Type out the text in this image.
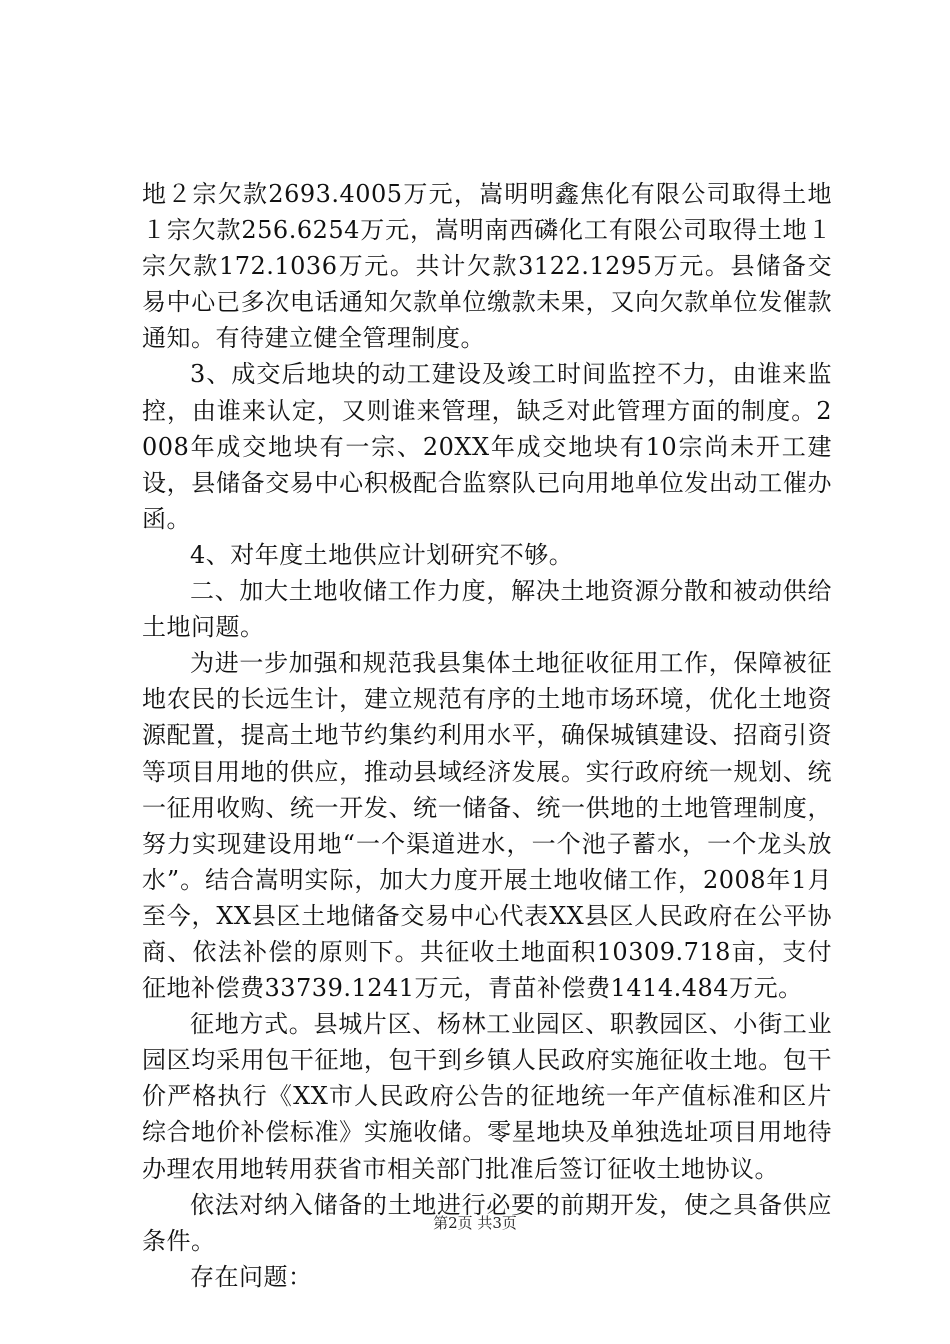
地２宗欠款2693.4005万元，嵩明明鑫焦化有限公司取得土地１宗欠款256.6254万元，嵩明南西磷化工有限公司取得土地１宗欠款172.1036万元。共计欠款3122.1295万元。县储备交易中心已多次电话通知欠款单位缴款未果，又向欠款单位发催款通知。有待建立健全管理制度。

3、成交后地块的动工建设及竣工时间监控不力，由谁来监控，由谁来认定，又则谁来管理，缺乏对此管理方面的制度。2008年成交地块有一宗、20XX年成交地块有10宗尚未开工建设，县储备交易中心积极配合监察队已向用地单位发出动工催办函。

4、对年度土地供应计划研究不够。

二、加大土地收储工作力度，解决土地资源分散和被动供给土地问题。

为进一步加强和规范我县集体土地征收征用工作，保障被征地农民的长远生计，建立规范有序的土地市场环境，优化土地资源配置，提高土地节约集约利用水平，确保城镇建设、招商引资等项目用地的供应，推动县域经济发展。实行政府统一规划、统一征用收购、统一开发、统一储备、统一供地的土地管理制度，努力实现建设用地“一个渠道进水，一个池子蓄水，一个龙头放水”。结合嵩明实际，加大力度开展土地收储工作，2008年1月至今，XX县区土地储备交易中心代表XX县区人民政府在公平协商、依法补偿的原则下。共征收土地面积10309.718亩，支付征地补偿费33739.1241万元，青苗补偿费1414.484万元。

征地方式。县城片区、杨林工业园区、职教园区、小街工业园区均采用包干征地，包干到乡镇人民政府实施征收土地。包干价严格执行《XX市人民政府公告的征地统一年产值标准和区片综合地价补偿标准》实施收储。零星地块及单独选址项目用地待办理农用地转用获省市相关部门批准后签订征收土地协议。

依法对纳入储备的土地进行必要的前期开发，使之具备供应条件。

存在问题：

第2页 共3页
